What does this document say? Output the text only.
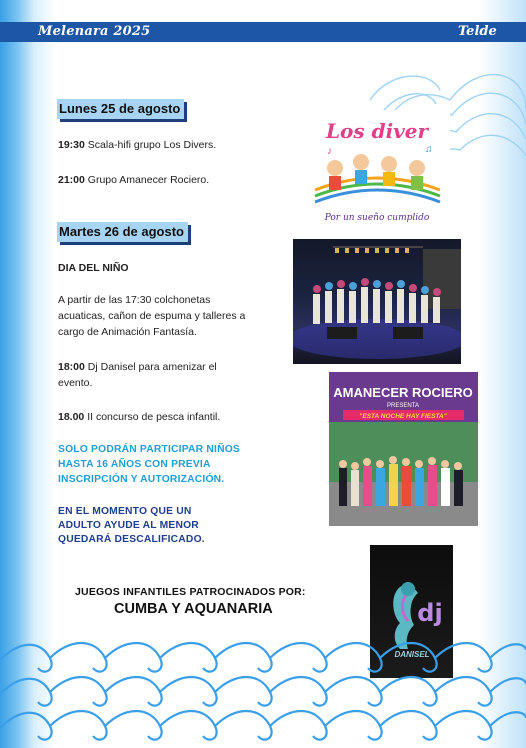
Melenara 2025	Telde
Lunes 25 de agosto
19:30 Scala-hifi grupo Los Divers.
21:00 Grupo Amanecer Rociero.
Martes 26 de agosto
DIA DEL NIÑO
A partir de las 17:30 colchonetas
acuaticas, cañon de espuma y talleres a
cargo de Animación Fantasía.
18:00 Dj Danisel para amenizar el
evento.
18.00 II concurso de pesca infantil.
SOLO PODRÁN PARTICIPAR NIÑOS
HASTA 16 AÑOS CON PREVIA
INSCRIPCIÓN Y AUTORIZACIÓN.
EN EL MOMENTO QUE UN
ADULTO AYUDE AL MENOR
QUEDARÁ DESCALIFICADO.
JUEGOS INFANTILES PATROCINADOS POR:
CUMBA Y AQUANARIA
Los diver
♪	♫
Por un sueño cumplido
AMANECER ROCIERO
PRESENTA
"ESTA NOCHE HAY FIESTA"
dj
DANISEL
